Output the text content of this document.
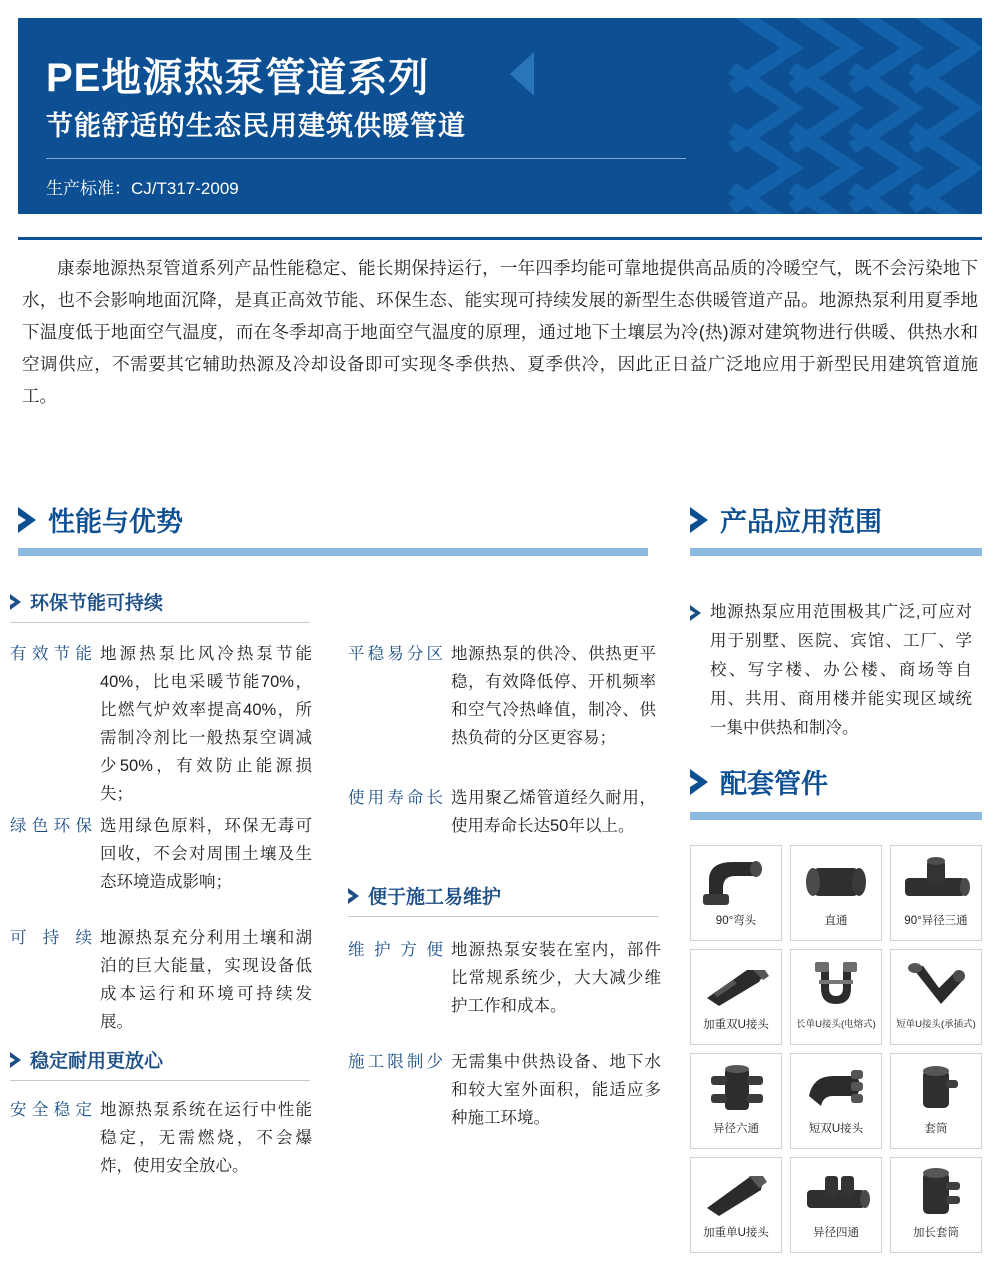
PE地源热泵管道系列
节能舒适的生态民用建筑供暖管道
生产标准：CJ/T317-2009
康泰地源热泵管道系列产品性能稳定、能长期保持运行，一年四季均能可靠地提供高品质的冷暖空气，既不会污染地下水，也不会影响地面沉降，是真正高效节能、环保生态、能实现可持续发展的新型生态供暖管道产品。地源热泵利用夏季地下温度低于地面空气温度，而在冬季却高于地面空气温度的原理，通过地下土壤层为冷(热)源对建筑物进行供暖、供热水和空调供应，不需要其它辅助热源及冷却设备即可实现冬季供热、夏季供冷，因此正日益广泛地应用于新型民用建筑管道施工。
性能与优势
环保节能可持续
有效节能 地源热泵比风冷热泵节能40%，比电采暖节能70%，比燃气炉效率提高40%，所需制冷剂比一般热泵空调减少50%，有效防止能源损失；
绿色环保 选用绿色原料，环保无毒可回收，不会对周围土壤及生态环境造成影响；
可持续 地源热泵充分利用土壤和湖泊的巨大能量，实现设备低成本运行和环境可持续发展。
稳定耐用更放心
安全稳定 地源热泵系统在运行中性能稳定，无需燃烧，不会爆炸，使用安全放心。
平稳易分区 地源热泵的供冷、供热更平稳，有效降低停、开机频率和空气冷热峰值，制冷、供热负荷的分区更容易；
使用寿命长 选用聚乙烯管道经久耐用，使用寿命长达50年以上。
便于施工易维护
维护方便 地源热泵安装在室内，部件比常规系统少，大大减少维护工作和成本。
施工限制少 无需集中供热设备、地下水和较大室外面积，能适应多种施工环境。
产品应用范围
地源热泵应用范围极其广泛,可应对用于别墅、医院、宾馆、工厂、学校、写字楼、办公楼、商场等自用、共用、商用楼并能实现区域统一集中供热和制冷。
配套管件
90°弯头	直通	90°异径三通
加重双U接头	长单U接头(电熔式) 短单U接头(承插式)
异径六通	短双U接头	套筒
加重单U接头	异径四通	加长套筒
